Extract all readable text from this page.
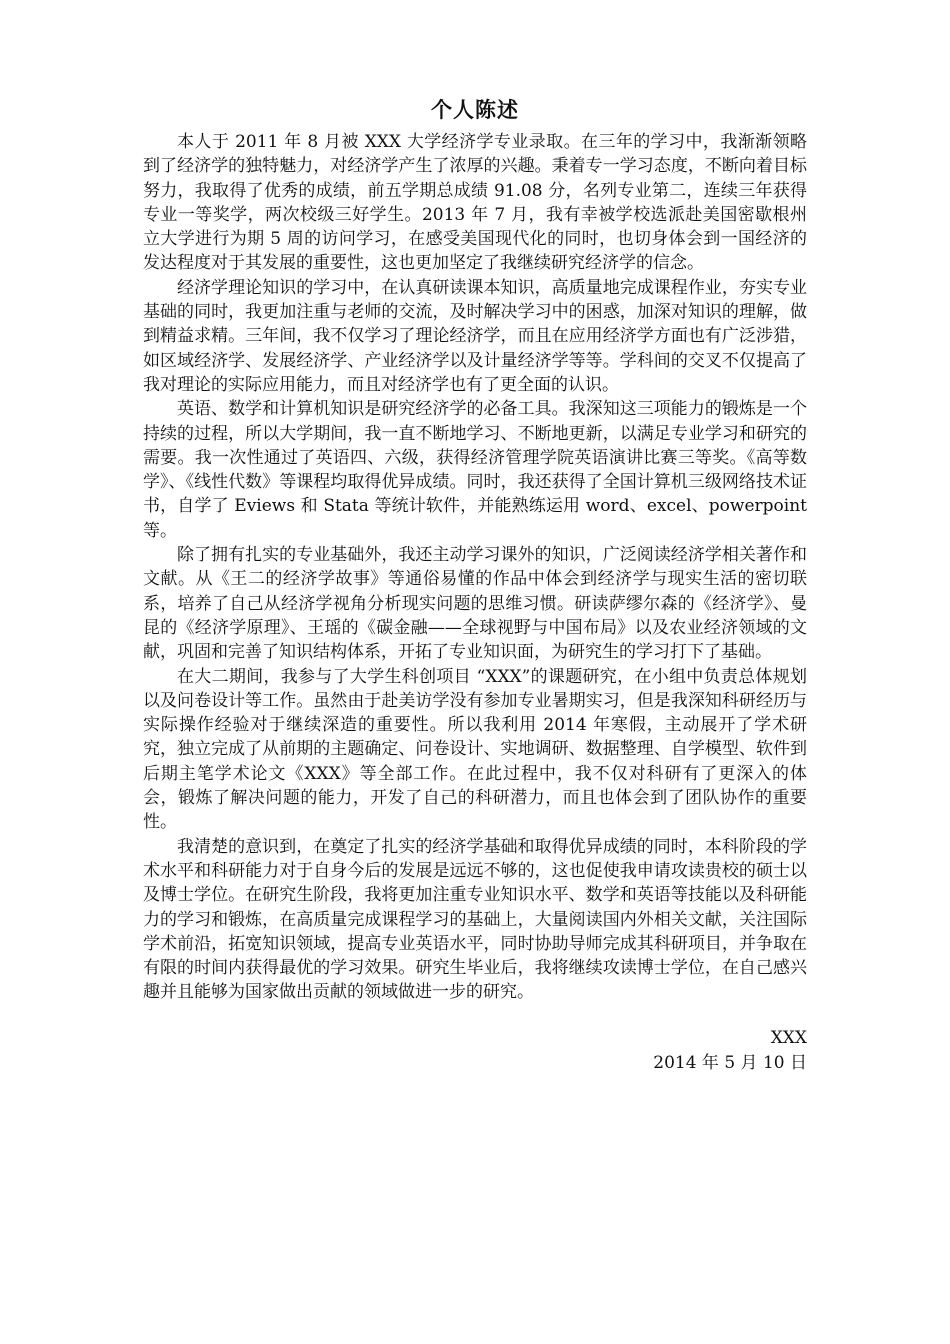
个人陈述

本人于 2011 年 8 月被 XXX 大学经济学专业录取。在三年的学习中，我渐渐领略到了经济学的独特魅力，对经济学产生了浓厚的兴趣。秉着专一学习态度，不断向着目标努力，我取得了优秀的成绩，前五学期总成绩 91.08 分，名列专业第二，连续三年获得专业一等奖学，两次校级三好学生。2013 年 7 月，我有幸被学校选派赴美国密歇根州立大学进行为期 5 周的访问学习，在感受美国现代化的同时，也切身体会到一国经济的发达程度对于其发展的重要性，这也更加坚定了我继续研究经济学的信念。

经济学理论知识的学习中，在认真研读课本知识，高质量地完成课程作业，夯实专业基础的同时，我更加注重与老师的交流，及时解决学习中的困惑，加深对知识的理解，做到精益求精。三年间，我不仅学习了理论经济学，而且在应用经济学方面也有广泛涉猎，如区域经济学、发展经济学、产业经济学以及计量经济学等等。学科间的交叉不仅提高了我对理论的实际应用能力，而且对经济学也有了更全面的认识。

英语、数学和计算机知识是研究经济学的必备工具。我深知这三项能力的锻炼是一个持续的过程，所以大学期间，我一直不断地学习、不断地更新，以满足专业学习和研究的需要。我一次性通过了英语四、六级，获得经济管理学院英语演讲比赛三等奖。《高等数学》、《线性代数》等课程均取得优异成绩。同时，我还获得了全国计算机三级网络技术证书，自学了 Eviews 和 Stata 等统计软件，并能熟练运用 word、excel、powerpoint 等。

除了拥有扎实的专业基础外，我还主动学习课外的知识，广泛阅读经济学相关著作和文献。从《王二的经济学故事》等通俗易懂的作品中体会到经济学与现实生活的密切联系，培养了自己从经济学视角分析现实问题的思维习惯。研读萨缪尔森的《经济学》、曼昆的《经济学原理》、王瑶的《碳金融——全球视野与中国布局》以及农业经济领域的文献，巩固和完善了知识结构体系，开拓了专业知识面，为研究生的学习打下了基础。

在大二期间，我参与了大学生科创项目 “XXX”的课题研究，在小组中负责总体规划以及问卷设计等工作。虽然由于赴美访学没有参加专业暑期实习，但是我深知科研经历与实际操作经验对于继续深造的重要性。所以我利用 2014 年寒假，主动展开了学术研究，独立完成了从前期的主题确定、问卷设计、实地调研、数据整理、自学模型、软件到后期主笔学术论文《XXX》等全部工作。在此过程中，我不仅对科研有了更深入的体会，锻炼了解决问题的能力，开发了自己的科研潜力，而且也体会到了团队协作的重要性。

我清楚的意识到，在奠定了扎实的经济学基础和取得优异成绩的同时，本科阶段的学术水平和科研能力对于自身今后的发展是远远不够的，这也促使我申请攻读贵校的硕士以及博士学位。在研究生阶段，我将更加注重专业知识水平、数学和英语等技能以及科研能力的学习和锻炼，在高质量完成课程学习的基础上，大量阅读国内外相关文献，关注国际学术前沿，拓宽知识领域，提高专业英语水平，同时协助导师完成其科研项目，并争取在有限的时间内获得最优的学习效果。研究生毕业后，我将继续攻读博士学位，在自己感兴趣并且能够为国家做出贡献的领域做进一步的研究。

XXX
2014 年 5 月 10 日
